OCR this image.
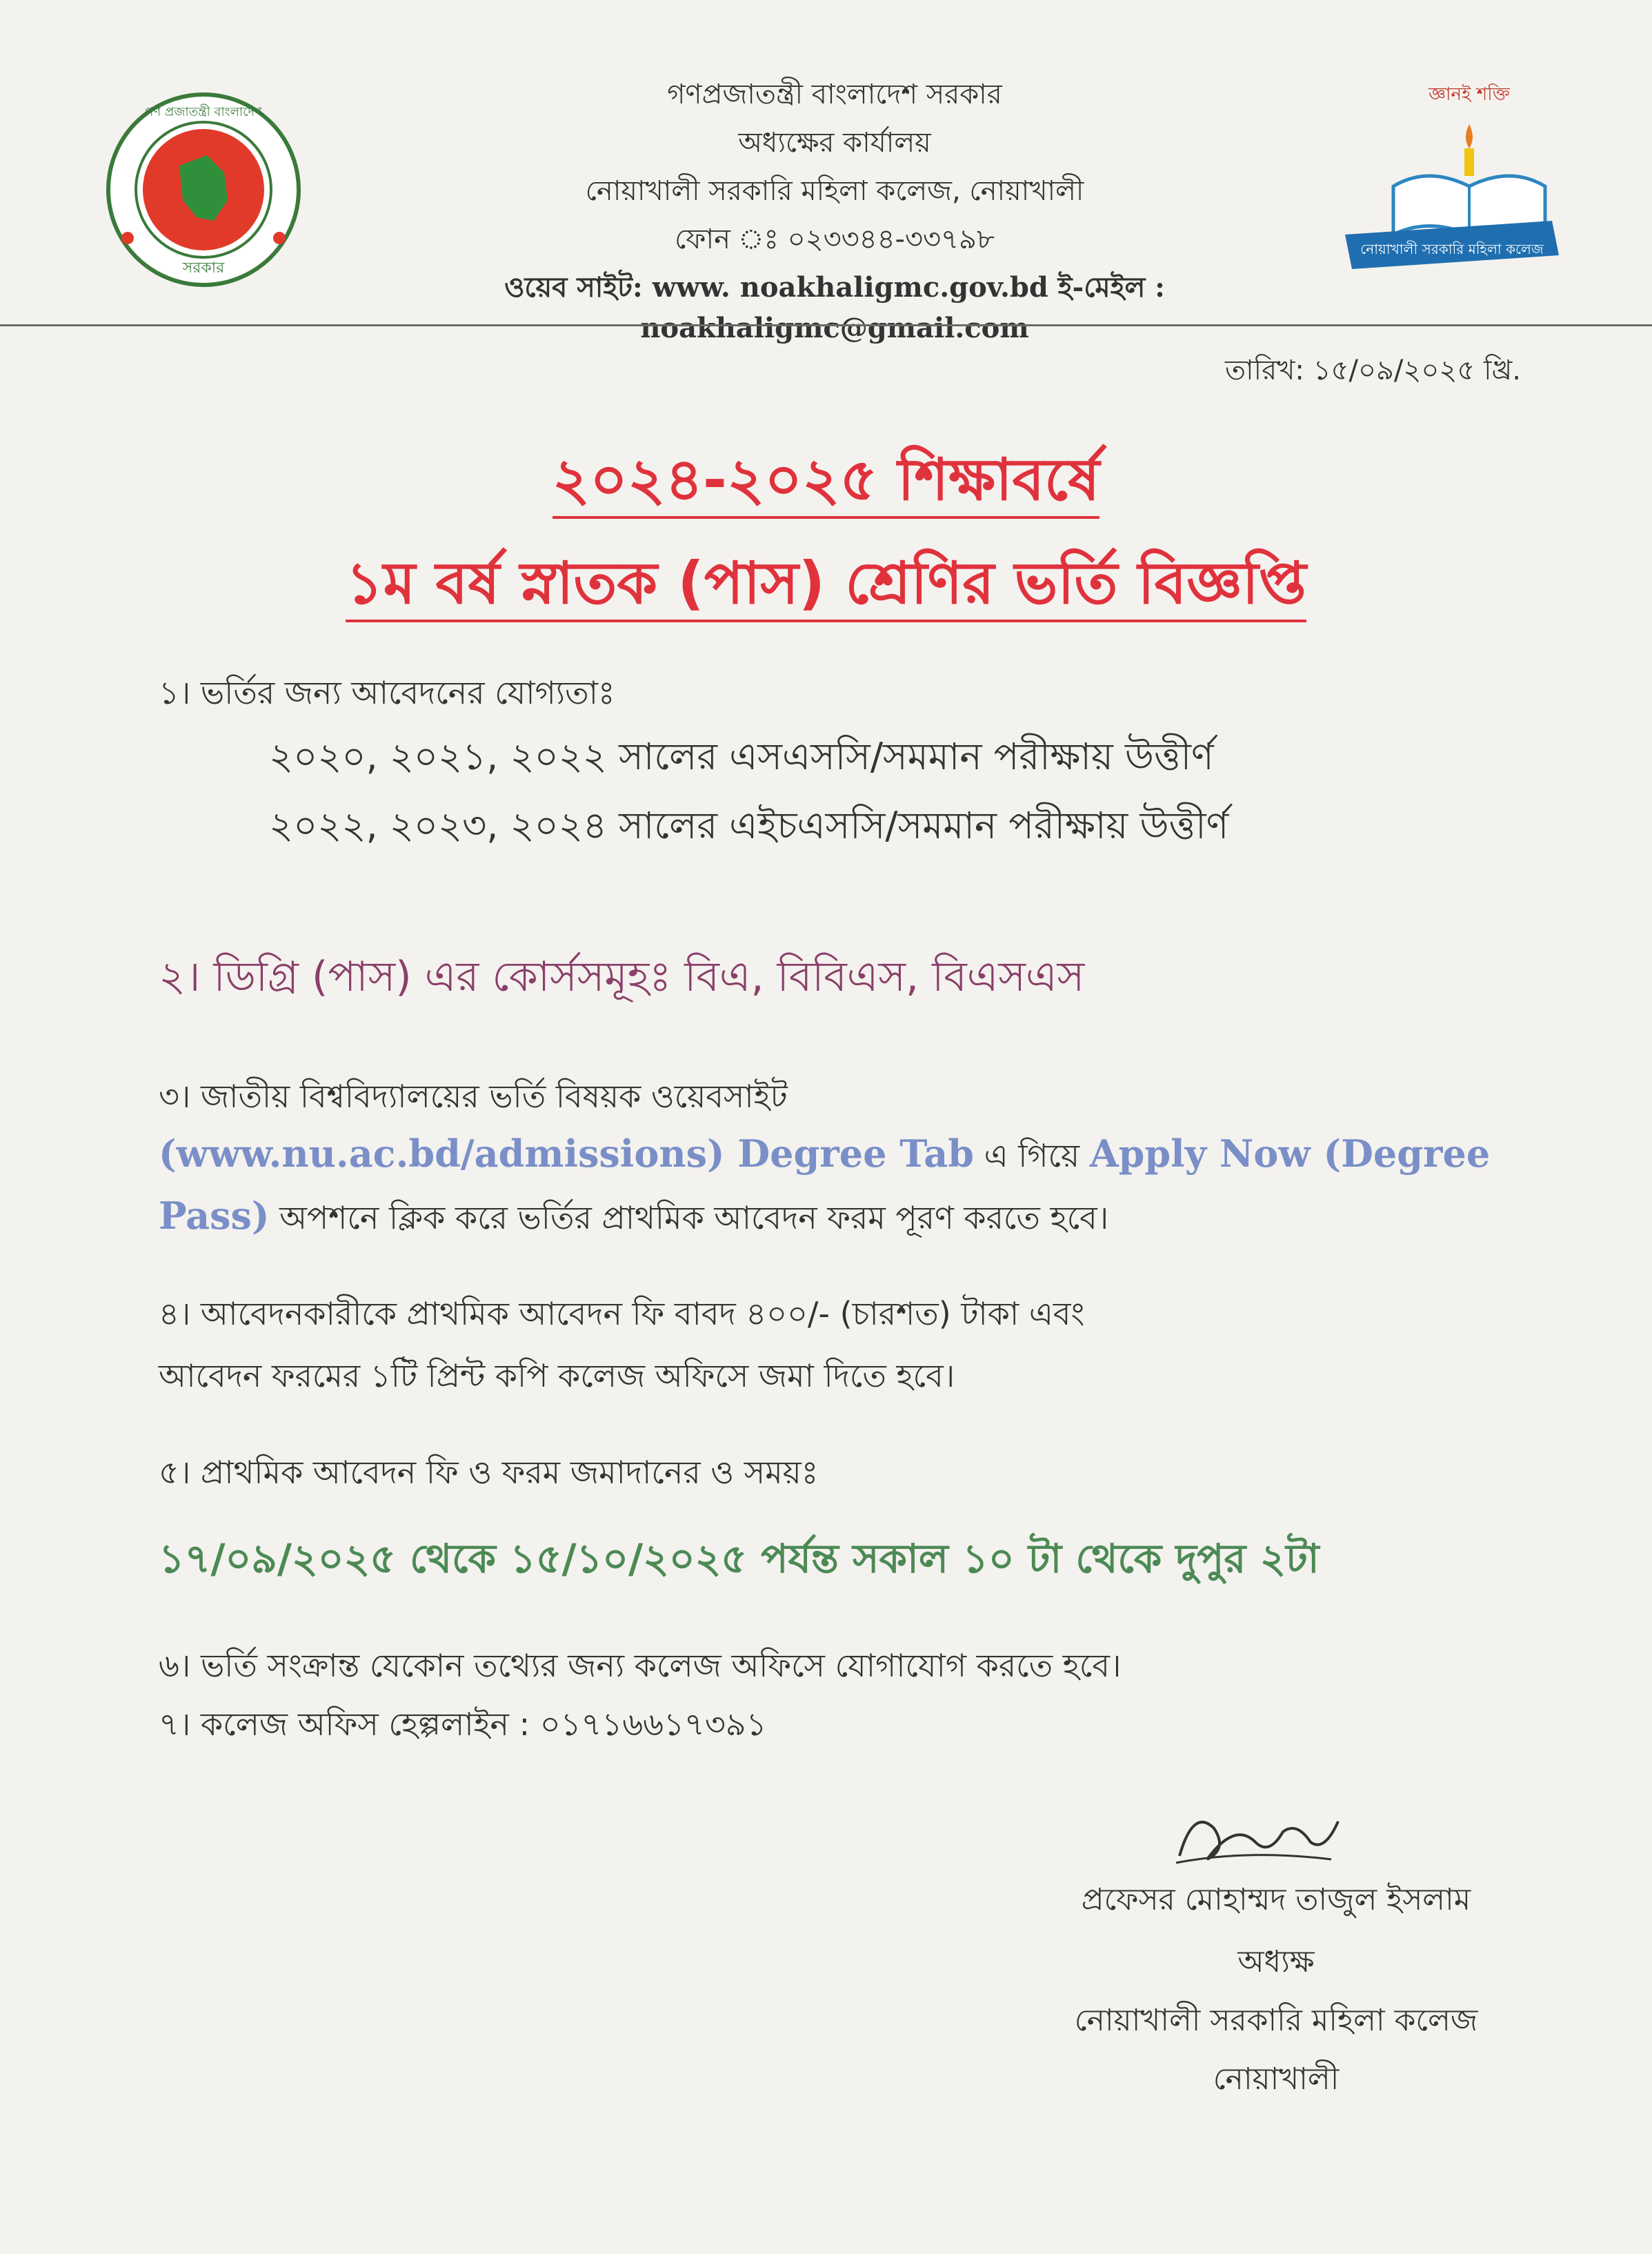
সরকার
গণ প্রজাতন্ত্রী বাংলাদেশ
গণপ্রজাতন্ত্রী বাংলাদেশ সরকার
অধ্যক্ষের কার্যালয়
নোয়াখালী সরকারি মহিলা কলেজ, নোয়াখালী
ফোন ঃ ০২৩৩৪৪-৩৩৭৯৮
ওয়েব সাইট: www. noakhaligmc.gov.bd ই-মেইল : noakhaligmc@gmail.com
জ্ঞানই শক্তি
নোয়াখালী সরকারি মহিলা কলেজ
তারিখ: ১৫/০৯/২০২৫ খ্রি.
২০২৪-২০২৫ শিক্ষাবর্ষে
১ম বর্ষ স্নাতক (পাস) শ্রেণির ভর্তি বিজ্ঞপ্তি
১। ভর্তির জন্য আবেদনের যোগ্যতাঃ
২০২০, ২০২১, ২০২২ সালের এসএসসি/সমমান পরীক্ষায় উত্তীর্ণ
২০২২, ২০২৩, ২০২৪ সালের এইচএসসি/সমমান পরীক্ষায় উত্তীর্ণ
২। ডিগ্রি (পাস) এর কোর্সসমূহঃ বিএ, বিবিএস, বিএসএস
৩। জাতীয় বিশ্ববিদ্যালয়ের ভর্তি বিষয়ক ওয়েবসাইট
(www.nu.ac.bd/admissions) Degree Tab এ গিয়ে Apply Now (Degree
Pass) অপশনে ক্লিক করে ভর্তির প্রাথমিক আবেদন ফরম পূরণ করতে হবে।
৪। আবেদনকারীকে প্রাথমিক আবেদন ফি বাবদ ৪০০/- (চারশত) টাকা এবং
আবেদন ফরমের ১টি প্রিন্ট কপি কলেজ অফিসে জমা দিতে হবে।
৫। প্রাথমিক আবেদন ফি ও ফরম জমাদানের ও সময়ঃ
১৭/০৯/২০২৫ থেকে ১৫/১০/২০২৫ পর্যন্ত সকাল ১০ টা থেকে দুপুর ২টা
৬। ভর্তি সংক্রান্ত যেকোন তথ্যের জন্য কলেজ অফিসে যোগাযোগ করতে হবে।
৭। কলেজ অফিস হেল্পলাইন : ০১৭১৬৬১৭৩৯১
প্রফেসর মোহাম্মদ তাজুল ইসলাম
অধ্যক্ষ
নোয়াখালী সরকারি মহিলা কলেজ
নোয়াখালী
